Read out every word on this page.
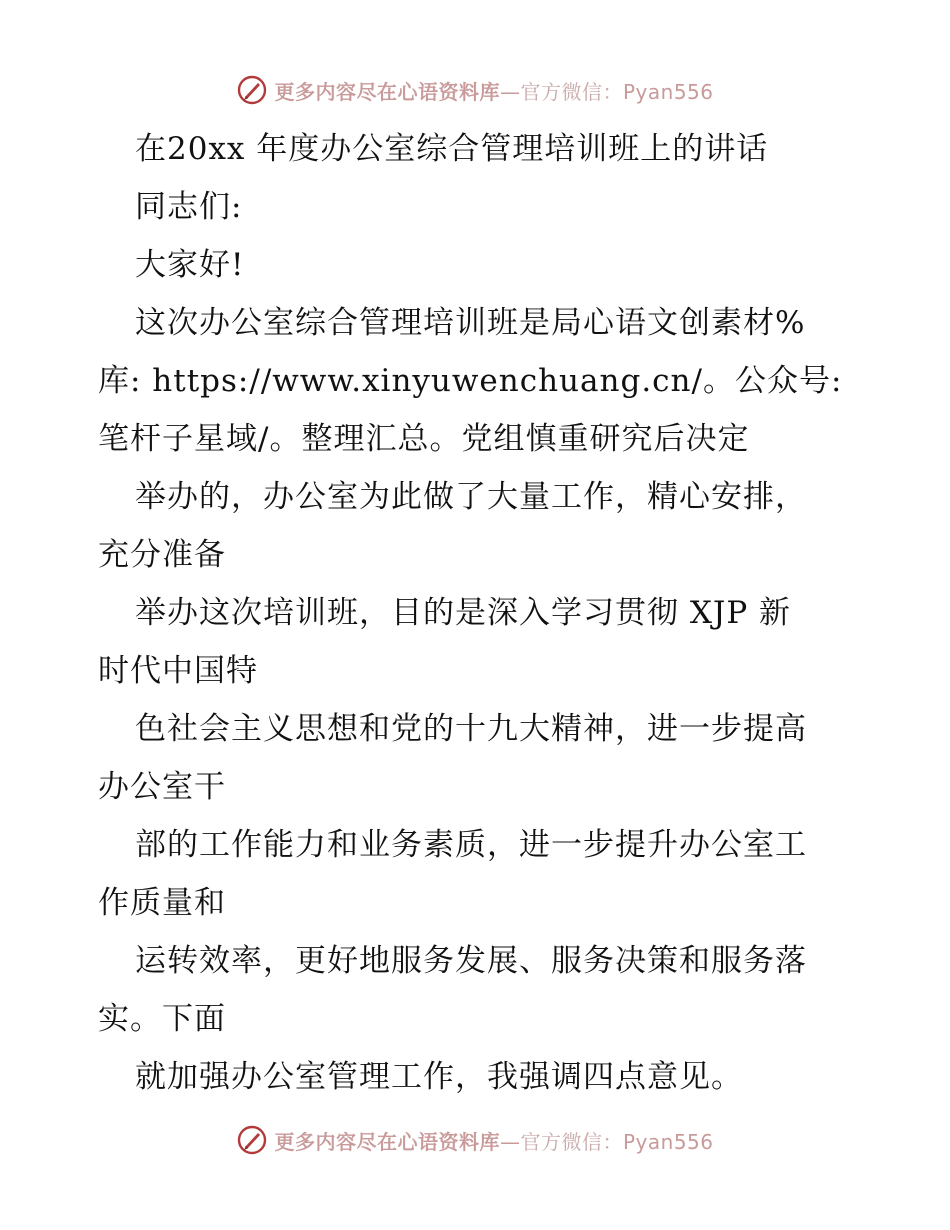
更多内容尽在心语资料库—官方微信：Pyan556
在20xx 年度办公室综合管理培训班上的讲话
同志们:
大家好!
这次办公室综合管理培训班是局心语文创素材%
库: https://www.xinyuwenchuang.cn/。公众号:
笔杆子星域/。整理汇总。党组慎重研究后决定
举办的，办公室为此做了大量工作，精心安排，
充分准备
举办这次培训班，目的是深入学习贯彻 XJP 新
时代中国特
色社会主义思想和党的十九大精神，进一步提高
办公室干
部的工作能力和业务素质，进一步提升办公室工
作质量和
运转效率，更好地服务发展、服务决策和服务落
实。下面
就加强办公室管理工作，我强调四点意见。
更多内容尽在心语资料库—官方微信：Pyan556
